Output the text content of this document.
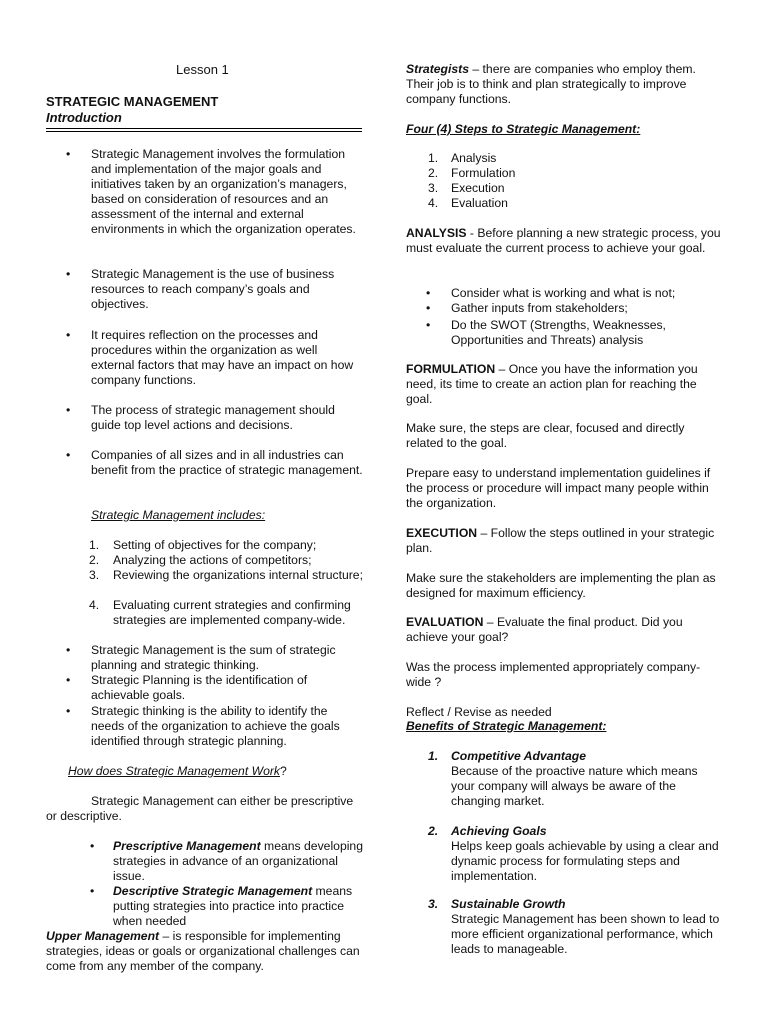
Lesson 1
STRATEGIC MANAGEMENT
Introduction
• Strategic Management involves the formulation and implementation of the major goals and initiatives taken by an organization’s managers, based on consideration of resources and an assessment of the internal and external environments in which the organization operates.
• Strategic Management is the use of business resources to reach company’s goals and objectives.
• It requires reflection on the processes and procedures within the organization as well external factors that may have an impact on how company functions.
• The process of strategic management should guide top level actions and decisions.
• Companies of all sizes and in all industries can benefit from the practice of strategic management.
Strategic Management includes:
1. Setting of objectives for the company;
2. Analyzing the actions of competitors;
3. Reviewing the organizations internal structure;
4. Evaluating current strategies and confirming strategies are implemented company-wide.
• Strategic Management is the sum of strategic planning and strategic thinking.
• Strategic Planning is the identification of achievable goals.
• Strategic thinking is the ability to identify the needs of the organization to achieve the goals identified through strategic planning.
How does Strategic Management Work?

Strategic Management can either be prescriptive or descriptive.

• Prescriptive Management means developing strategies in advance of an organizational issue.
• Descriptive Strategic Management means putting strategies into practice into practice when needed

Upper Management – is responsible for implementing strategies, ideas or goals or organizational challenges can come from any member of the company.

Strategists – there are companies who employ them. Their job is to think and plan strategically to improve company functions.

Four (4) Steps to Strategic Management:
1. Analysis
2. Formulation
3. Execution
4. Evaluation

ANALYSIS - Before planning a new strategic process, you must evaluate the current process to achieve your goal.

• Consider what is working and what is not;
• Gather inputs from stakeholders;
• Do the SWOT (Strengths, Weaknesses, Opportunities and Threats) analysis

FORMULATION – Once you have the information you need, its time to create an action plan for reaching the goal.

Make sure, the steps are clear, focused and directly related to the goal.

Prepare easy to understand implementation guidelines if the process or procedure will impact many people within the organization.

EXECUTION – Follow the steps outlined in your strategic plan.

Make sure the stakeholders are implementing the plan as designed for maximum efficiency.

EVALUATION – Evaluate the final product. Did you achieve your goal?

Was the process implemented appropriately company-wide ?

Reflect / Revise as needed
Benefits of Strategic Management:
1. Competitive Advantage
Because of the proactive nature which means your company will always be aware of the changing market.
2. Achieving Goals
Helps keep goals achievable by using a clear and dynamic process for formulating steps and implementation.
3. Sustainable Growth
Strategic Management has been shown to lead to more efficient organizational performance, which leads to manageable.
